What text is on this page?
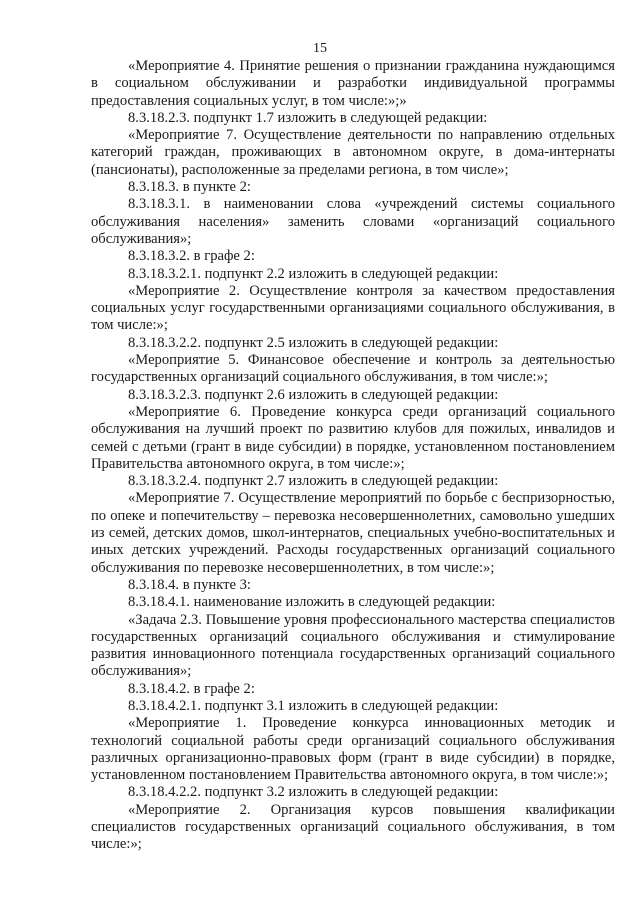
15

«Мероприятие 4. Принятие решения о признании гражданина нуждающимся в социальном обслуживании и разработки индивидуальной программы предоставления социальных услуг, в том числе:»;»

8.3.18.2.3. подпункт 1.7 изложить в следующей редакции:

«Мероприятие 7. Осуществление деятельности по направлению отдельных категорий граждан, проживающих в автономном округе, в дома-интернаты (пансионаты), расположенные за пределами региона, в том числе»;

8.3.18.3. в пункте 2:

8.3.18.3.1. в наименовании слова «учреждений системы социального обслуживания населения» заменить словами «организаций социального обслуживания»;

8.3.18.3.2. в графе 2:

8.3.18.3.2.1. подпункт 2.2 изложить в следующей редакции:

«Мероприятие 2. Осуществление контроля за качеством предоставления социальных услуг государственными организациями социального обслуживания, в том числе:»;

8.3.18.3.2.2. подпункт 2.5 изложить в следующей редакции:

«Мероприятие 5. Финансовое обеспечение и контроль за деятельностью государственных организаций социального обслуживания, в том числе:»;

8.3.18.3.2.3. подпункт 2.6 изложить в следующей редакции:

«Мероприятие 6. Проведение конкурса среди организаций социального обслуживания на лучший проект по развитию клубов для пожилых, инвалидов и семей с детьми (грант в виде субсидии) в порядке, установленном постановлением Правительства автономного округа, в том числе:»;

8.3.18.3.2.4. подпункт 2.7 изложить в следующей редакции:

«Мероприятие 7. Осуществление мероприятий по борьбе с беспризорностью, по опеке и попечительству – перевозка несовершеннолетних, самовольно ушедших из семей, детских домов, школ-интернатов, специальных учебно-воспитательных и иных детских учреждений. Расходы государственных организаций социального обслуживания по перевозке несовершеннолетних, в том числе:»;

8.3.18.4. в пункте 3:

8.3.18.4.1. наименование изложить в следующей редакции:

«Задача 2.3. Повышение уровня профессионального мастерства специалистов государственных организаций социального обслуживания и стимулирование развития инновационного потенциала государственных организаций социального обслуживания»;

8.3.18.4.2. в графе 2:

8.3.18.4.2.1. подпункт 3.1 изложить в следующей редакции:

«Мероприятие 1. Проведение конкурса инновационных методик и технологий социальной работы среди организаций социального обслуживания различных организационно-правовых форм (грант в виде субсидии) в порядке, установленном постановлением Правительства автономного округа, в том числе:»;

8.3.18.4.2.2. подпункт 3.2 изложить в следующей редакции:

«Мероприятие 2. Организация курсов повышения квалификации специалистов государственных организаций социального обслуживания, в том числе:»;
